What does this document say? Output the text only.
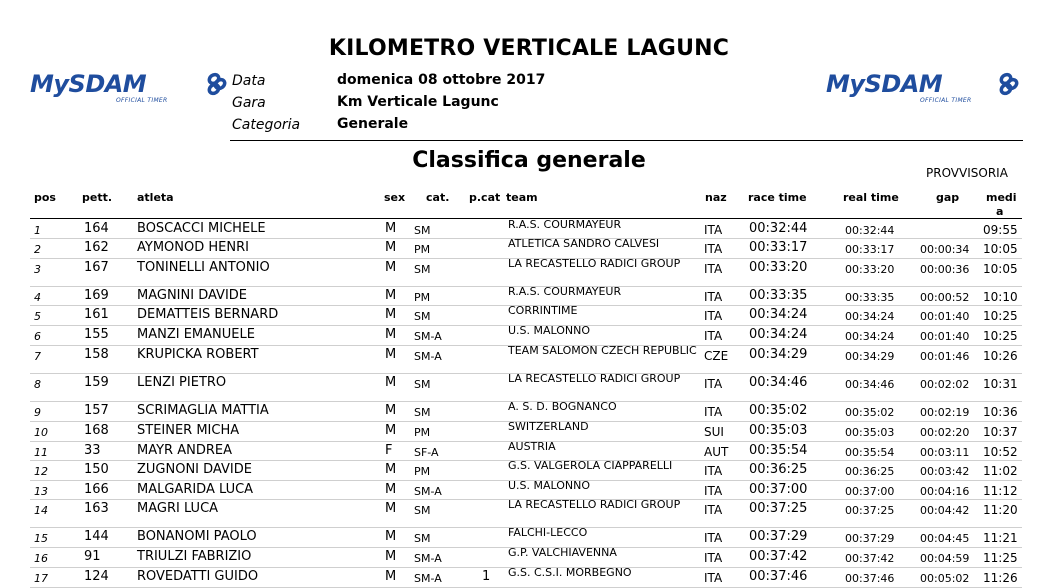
KILOMETRO VERTICALE LAGUNC
MySDAM
OFFICIAL TIMER
MySDAM
OFFICIAL TIMER
Data	domenica 08 ottobre 2017
Gara	Km Verticale Lagunc
Categoria	Generale
Classifica generale	PROVVISORIA
pos pett. atleta	sex cat. p.cat team	naz race time	real time	gap medi
a
1	164 BOSCACCI MICHELE	M SM	R.A.S. COURMAYEUR	ITA 00:32:44	00:32:44	09:55
2	162 AYMONOD HENRI	M PM	ATLETICA SANDRO CALVESI	ITA 00:33:17	00:33:17 00:00:34 10:05
3	167 TONINELLI ANTONIO	M SM	LA RECASTELLO RADICI GROUP	ITA 00:33:20	00:33:20 00:00:36 10:05
4	169 MAGNINI DAVIDE	M PM	R.A.S. COURMAYEUR	ITA 00:33:35	00:33:35 00:00:52 10:10
5	161 DEMATTEIS BERNARD	M SM	CORRINTIME	ITA 00:34:24	00:34:24 00:01:40 10:25
6	155 MANZI EMANUELE	M SM-A	U.S. MALONNO	ITA 00:34:24	00:34:24 00:01:40 10:25
7	158 KRUPICKA ROBERT	M SM-A	TEAM SALOMON CZECH REPUBLIC CZE 00:34:29	00:34:29 00:01:46 10:26
8	159 LENZI PIETRO	M SM	LA RECASTELLO RADICI GROUP	ITA 00:34:46	00:34:46 00:02:02 10:31
9	157 SCRIMAGLIA MATTIA	M SM	A. S. D. BOGNANCO	ITA 00:35:02	00:35:02 00:02:19 10:36
10	168 STEINER MICHA	M PM	SWITZERLAND	SUI 00:35:03	00:35:03 00:02:20 10:37
11	33	MAYR ANDREA	F SF-A	AUSTRIA	AUT 00:35:54	00:35:54 00:03:11 10:52
12	150 ZUGNONI DAVIDE	M PM	G.S. VALGEROLA CIAPPARELLI	ITA 00:36:25	00:36:25 00:03:42 11:02
13	166 MALGARIDA LUCA	M SM-A	U.S. MALONNO	ITA 00:37:00	00:37:00 00:04:16 11:12
14	163 MAGRI LUCA	M SM	LA RECASTELLO RADICI GROUP	ITA 00:37:25	00:37:25 00:04:42 11:20
15	144 BONANOMI PAOLO	M SM	FALCHI-LECCO	ITA 00:37:29	00:37:29 00:04:45 11:21
16	91	TRIULZI FABRIZIO	M SM-A	G.P. VALCHIAVENNA	ITA 00:37:42	00:37:42 00:04:59 11:25
17	124 ROVEDATTI GUIDO	M SM-A	1 G.S. C.S.I. MORBEGNO	ITA 00:37:46	00:37:46 00:05:02 11:26
